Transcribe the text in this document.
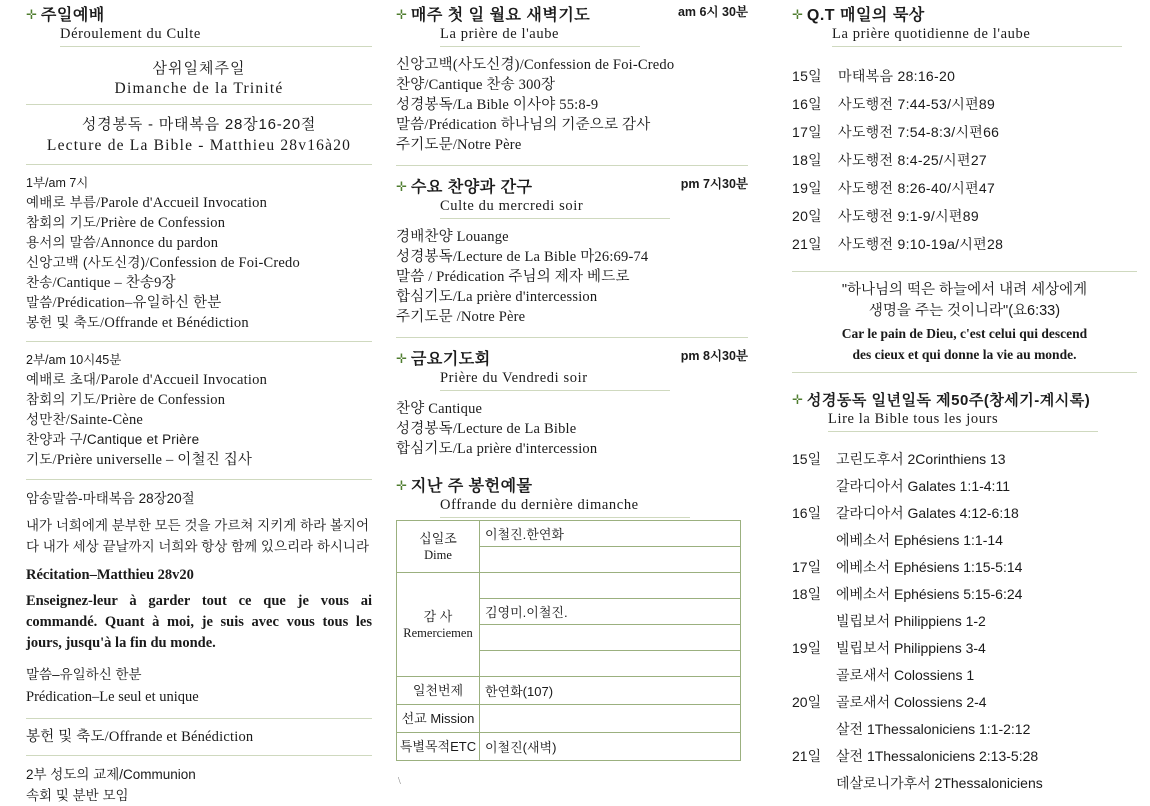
✛ 주일예배
Déroulement du Culte
삼위일체주일
Dimanche de la Trinité
성경봉독 - 마태복음 28장16-20절
Lecture de La Bible - Matthieu 28v16à20
1부/am 7시
예배로 부름/Parole d'Accueil Invocation
참회의 기도/Prière de Confession
용서의 말씀/Annonce du pardon
신앙고백 (사도신경)/Confession de Foi-Credo
찬송/Cantique – 찬송9장
말씀/Prédication–유일하신 한분
봉헌 및 축도/Offrande et Bénédiction
2부/am 10시45분
예배로 초대/Parole d'Accueil Invocation
참회의 기도/Prière de Confession
성만찬/Sainte-Cène
찬양과 구/Cantique et Prière
기도/Prière universelle – 이철진 집사
암송말씀-마태복음 28장20절
내가 너희에게 분부한 모든 것을 가르쳐 지키게 하라 볼지어다 내가 세상 끝날까지 너희와 항상 함께 있으리라 하시니라
Récitation–Matthieu 28v20
Enseignez-leur à garder tout ce que je vous ai commandé. Quant à moi, je suis avec vous tous les jours, jusqu'à la fin du monde.
말씀–유일하신 한분
Prédication–Le seul et unique
봉헌 및 축도/Offrande et Bénédiction
2부 성도의 교제/Communion
속회 및 분반 모임
am 6시 30분
✛ 매주 첫 일 월요 새벽기도
La prière de l'aube
신앙고백(사도신경)/Confession de Foi-Credo
찬양/Cantique 찬송 300장
성경봉독/La Bible 이사야 55:8-9
말씀/Prédication 하나님의 기준으로 감사
주기도문/Notre Père
pm 7시30분
✛ 수요 찬양과 간구
Culte du mercredi soir
경배찬양 Louange
성경봉독/Lecture de La Bible 마26:69-74
말씀 / Prédication 주님의 제자 베드로
합심기도/La prière d'intercession
주기도문 /Notre Père
pm 8시30분
✛ 금요기도회
Prière du Vendredi soir
찬양 Cantique
성경봉독/Lecture de La Bible
합심기도/La prière d'intercession
✛ 지난 주 봉헌예물
Offrande du dernière dimanche
십일조
Dime	이철진.한연화

감 사
Remerciemen	

	김영미.이철진.

일천번제	한연화(107)
선교 Mission	
특별목적ETC	이철진(새벽)
✛ Q.T 매일의 묵상
La prière quotidienne de l'aube
15일 마태복음 28:16-20
16일 사도행전 7:44-53/시편89
17일 사도행전 7:54-8:3/시편66
18일 사도행전 8:4-25/시편27
19일 사도행전 8:26-40/시편47
20일 사도행전 9:1-9/시편89
21일 사도행전 9:10-19a/시편28
"하나님의 떡은 하늘에서 내려 세상에게
생명을 주는 것이니라"(요6:33)
Car le pain de Dieu, c'est celui qui descend
des cieux et qui donne la vie au monde.
✛ 성경동독 일년일독 제50주(창세기-계시록)
Lire la Bible tous les jours
15일 고린도후서 2Corinthiens 13
갈라디아서 Galates 1:1-4:11
16일 갈라디아서 Galates 4:12-6:18
에베소서 Ephésiens 1:1-14
17일 에베소서 Ephésiens 1:15-5:14
18일 에베소서 Ephésiens 5:15-6:24
빌립보서 Philippiens 1-2
19일 빌립보서 Philippiens 3-4
골로새서 Colossiens 1
20일 골로새서 Colossiens 2-4
살전 1Thessaloniciens 1:1-2:12
21일 살전 1Thessaloniciens 2:13-5:28
데살로니가후서 2Thessaloniciens
\
